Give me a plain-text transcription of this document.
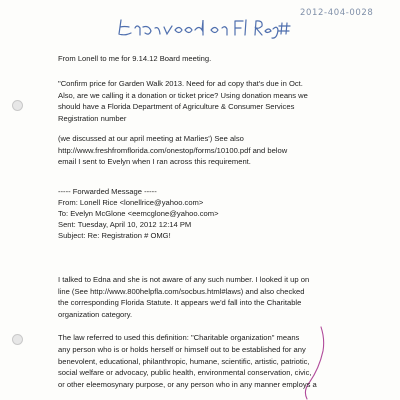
2012-404-0028
From Lonell to me for 9.14.12 Board meeting.
"Confirm price for Garden Walk 2013. Need for ad copy that's due in Oct.
Also, are we calling it a donation or ticket price? Using donation means we
should have a Florida Department of Agriculture & Consumer Services
Registration number
(we discussed at our april meeting at Marlies') See also
http://www.freshfromflorida.com/onestop/forms/10100.pdf and below
email I sent to Evelyn when I ran across this requirement.
----- Forwarded Message -----
From: Lonell Rice <lonellrice@yahoo.com>
To: Evelyn McGlone <eemcglone@yahoo.com>
Sent: Tuesday, April 10, 2012 12:14 PM
Subject: Re: Registration # OMG!
I talked to Edna and she is not aware of any such number. I looked it up on
line (See http://www.800helpfla.com/socbus.html#laws) and also checked
the corresponding Florida Statute. It appears we'd fall into the Charitable
organization category.
The law referred to used this definition: "Charitable organization" means
any person who is or holds herself or himself out to be established for any
benevolent, educational, philanthropic, humane, scientific, artistic, patriotic,
social welfare or advocacy, public health, environmental conservation, civic,
or other eleemosynary purpose, or any person who in any manner employs a
